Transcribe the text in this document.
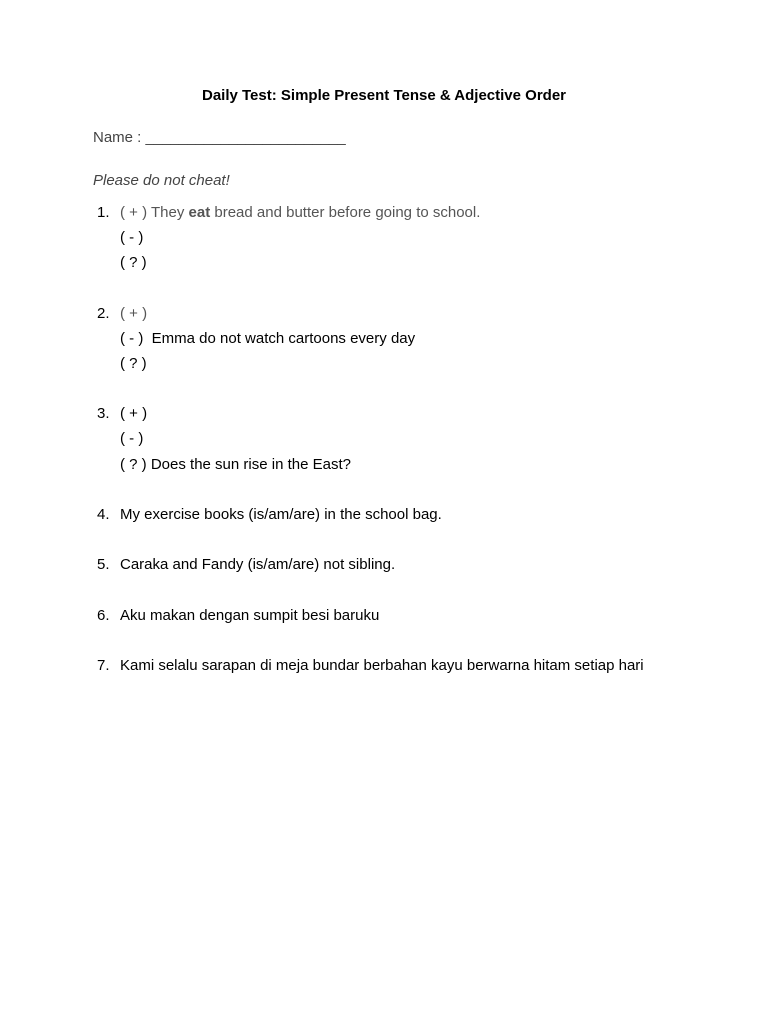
Daily Test: Simple Present Tense & Adjective Order
Name : ________________________
Please do not cheat!
1. ( + ) They eat bread and butter before going to school.
( - )
( ? )
2. ( + )
( - )  Emma do not watch cartoons every day
( ? )
3. ( + )
( - )
( ? ) Does the sun rise in the East?
4. My exercise books (is/am/are) in the school bag.
5. Caraka and Fandy (is/am/are) not sibling.
6. Aku makan dengan sumpit besi baruku
7. Kami selalu sarapan di meja bundar berbahan kayu berwarna hitam setiap hari
